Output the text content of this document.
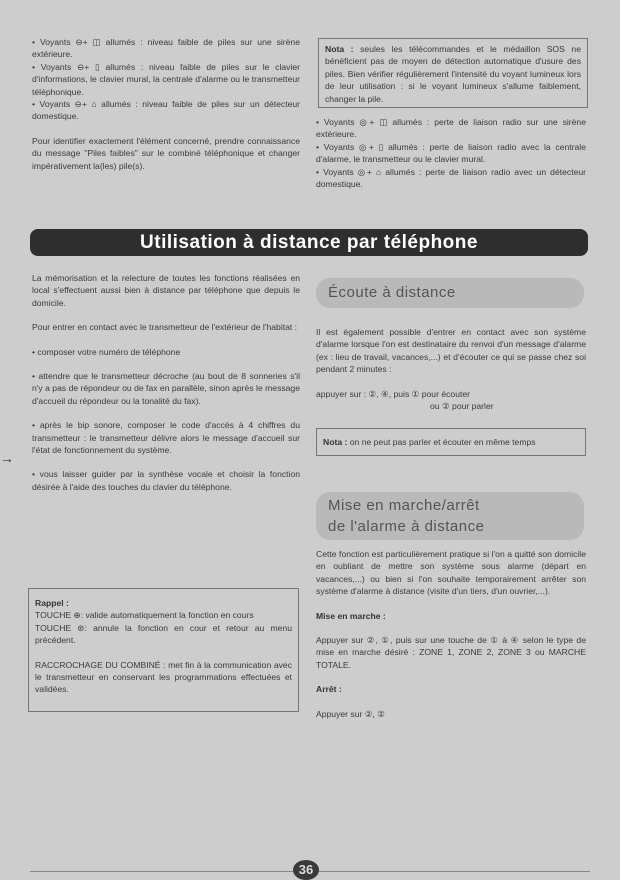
• Voyants ⊖+ ◫ allumés : niveau faible de piles sur une sirène extérieure.

• Voyants ⊖+ ▯ allumés : niveau faible de piles sur le clavier d'informations, le clavier mural, la centrale d'alarme ou le transmetteur téléphonique.

• Voyants ⊖+ ⌂ allumés : niveau faible de piles sur un détecteur domestique.

Pour identifier exactement l'élément concerné, prendre connaissance du message "Piles faibles" sur le combiné téléphonique et changer impérativement la(les) pile(s).

Nota : seules les télécommandes et le médaillon SOS ne bénéficient pas de moyen de détection automatique d'usure des piles. Bien vérifier régulièrement l'intensité du voyant lumineux lors de leur utilisation : si le voyant lumineux s'allume faiblement, changer la pile.

• Voyants ◎+ ◫ allumés : perte de liaison radio sur une sirène extérieure.

• Voyants ◎+ ▯ allumés : perte de liaison radio avec la centrale d'alarme, le transmetteur ou le clavier mural.

• Voyants ◎+ ⌂ allumés : perte de liaison radio avec un détecteur domestique.

Utilisation à distance par téléphone
→

La mémorisation et la relecture de toutes les fonctions réalisées en local s'effectuent aussi bien à distance par téléphone que depuis le domicile.

Pour entrer en contact avec le transmetteur de l'extérieur de l'habitat :

• composer votre numéro de téléphone

• attendre que le transmetteur décroche (au bout de 8 sonneries s'il n'y a pas de répondeur ou de fax en parallèle, sinon après le message d'accueil du répondeur ou la tonalité du fax).

• après le bip sonore, composer le code d'accès à 4 chiffres du transmetteur : le transmetteur délivre alors le message d'accueil sur l'état de fonctionnement du système.

• vous laisser guider par la synthèse vocale et choisir la fonction désirée à l'aide des touches du clavier du téléphone.

Rappel :

TOUCHE ⊕: valide automatiquement la fonction en cours

TOUCHE ⊛: annule la fonction en cour et retour au menu précédent.

RACCROCHAGE DU COMBINÉ : met fin à la communication avec le transmetteur en conservant les programmations effectuées et validées.

Écoute à distance

Il est également possible d'entrer en contact avec son système d'alarme lorsque l'on est destinataire du renvoi d'un message d'alarme (ex : lieu de travail, vacances,...) et d'écouter ce qui se passe chez soi pendant 2 minutes :

appuyer sur : ②, ④, puis ① pour écouter

ou ② pour parler

Nota : on ne peut pas parler et écouter en même temps
Mise en marche/arrêt
de l'alarme à distance

Cette fonction est particulièrement pratique si l'on a quitté son domicile en oubliant de mettre son système sous alarme (départ en vacances,...) ou bien si l'on souhaite temporairement arrêter son système d'alarme à distance (visite d'un tiers, d'un ouvrier,...).

Mise en marche :

Appuyer sur ②, ①, puis sur une touche de ① à ④ selon le type de mise en marche désiré : ZONE 1, ZONE 2, ZONE 3 ou MARCHE TOTALE.

Arrêt :

Appuyer sur ②, ②

36
